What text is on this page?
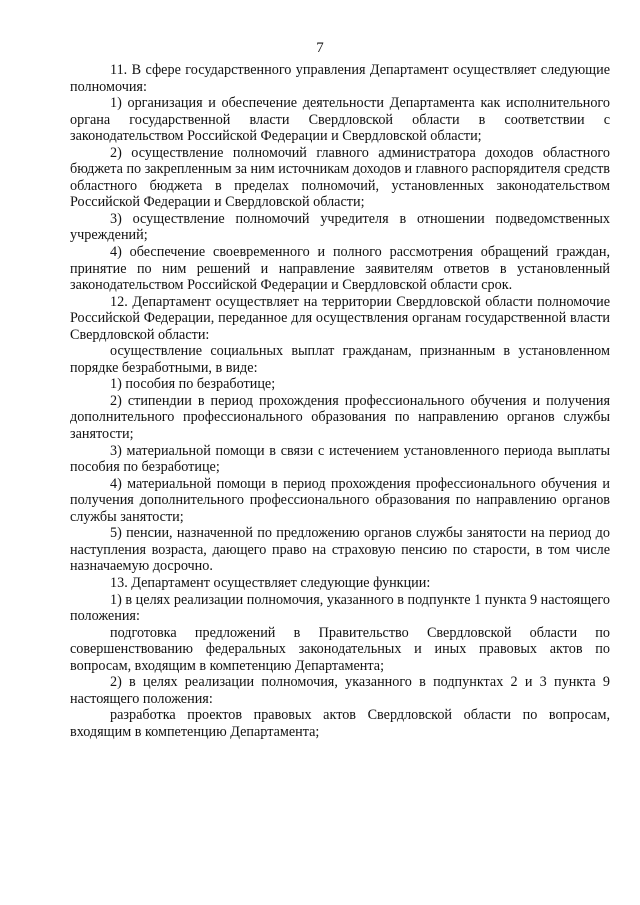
7

11. В сфере государственного управления Департамент осуществляет следующие полномочия:

1) организация и обеспечение деятельности Департамента как исполнительного органа государственной власти Свердловской области в соответствии с законодательством Российской Федерации и Свердловской области;

2) осуществление полномочий главного администратора доходов областного бюджета по закрепленным за ним источникам доходов и главного распорядителя средств областного бюджета в пределах полномочий, установленных законодательством Российской Федерации и Свердловской области;

3) осуществление полномочий учредителя в отношении подведомственных учреждений;

4) обеспечение своевременного и полного рассмотрения обращений граждан, принятие по ним решений и направление заявителям ответов в установленный законодательством Российской Федерации и Свердловской области срок.

12. Департамент осуществляет на территории Свердловской области полномочие Российской Федерации, переданное для осуществления органам государственной власти Свердловской области:

осуществление социальных выплат гражданам, признанным в установленном порядке безработными, в виде:

1) пособия по безработице;

2) стипендии в период прохождения профессионального обучения и получения дополнительного профессионального образования по направлению органов службы занятости;

3) материальной помощи в связи с истечением установленного периода выплаты пособия по безработице;

4) материальной помощи в период прохождения профессионального обучения и получения дополнительного профессионального образования по направлению органов службы занятости;

5) пенсии, назначенной по предложению органов службы занятости на период до наступления возраста, дающего право на страховую пенсию по старости, в том числе назначаемую досрочно.

13. Департамент осуществляет следующие функции:

1) в целях реализации полномочия, указанного в подпункте 1 пункта 9 настоящего положения:

подготовка предложений в Правительство Свердловской области по совершенствованию федеральных законодательных и иных правовых актов по вопросам, входящим в компетенцию Департамента;

2) в целях реализации полномочия, указанного в подпунктах 2 и 3 пункта 9 настоящего положения:

разработка проектов правовых актов Свердловской области по вопросам, входящим в компетенцию Департамента;
